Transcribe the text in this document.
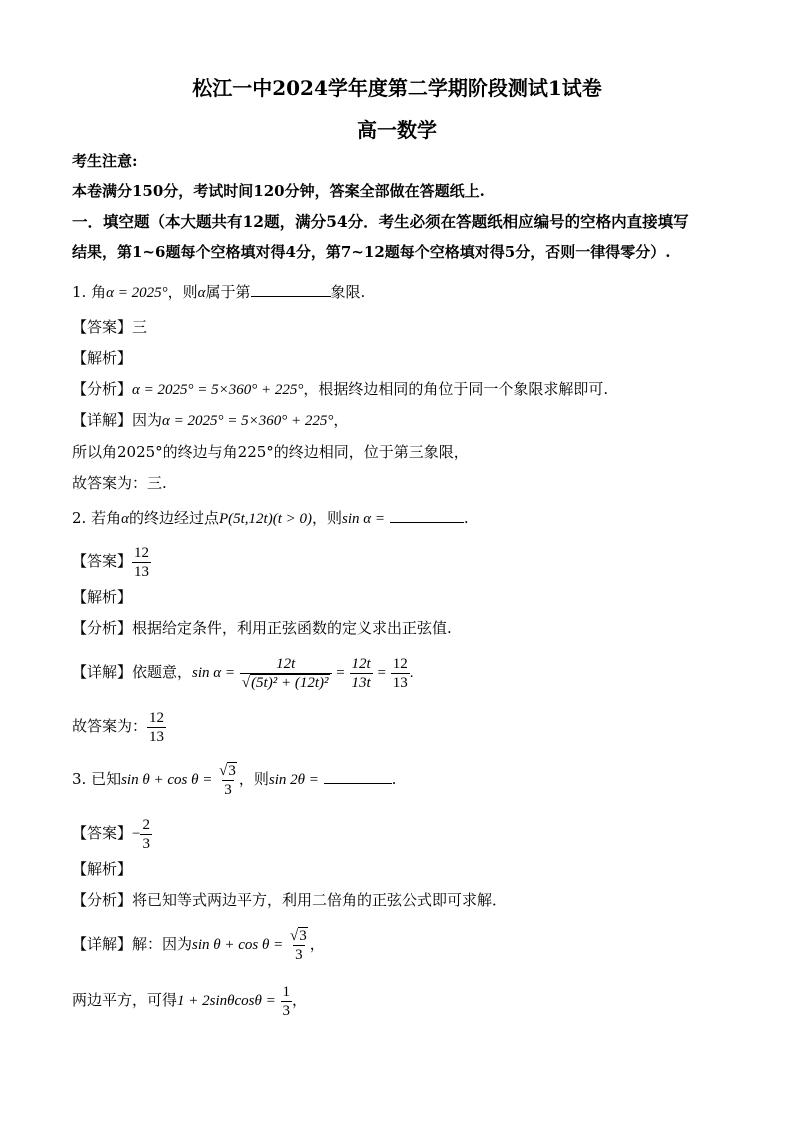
松江一中2024学年度第二学期阶段测试1试卷
高一数学
考生注意:
本卷满分150分，考试时间120分钟，答案全部做在答题纸上.
一．填空题（本大题共有12题，满分54分．考生必须在答题纸相应编号的空格内直接填写
结果，第1~6题每个空格填对得4分，第7~12题每个空格填对得5分，否则一律得零分）.
1. 角α = 2025°，则α属于第	象限.
【答案】三
【解析】
【分析】α = 2025° = 5×360° + 225°，根据终边相同的角位于同一个象限求解即可.
【详解】因为α = 2025° = 5×360° + 225°，
所以角2025°的终边与角225°的终边相同，位于第三象限，
故答案为：三.
2. 若角α的终边经过点P(5t,12t)(t > 0)，则sin α =	.
【答案】 $\frac{12}{13}$
【解析】
【分析】根据给定条件，利用正弦函数的定义求出正弦值.
【详解】依题意，$\sin \alpha = \frac{12t}{\text{√(5t)² + (12t)²}} = \frac{12t}{13t} = \frac{12}{13}$ .
故答案为： $\frac{12}{13}$
3. 已知$\sin \theta + \cos \theta = \frac{√3}{3}$ ，则sin 2θ =	.
【答案】− $\frac{2}{3}$
【解析】
【分析】将已知等式两边平方，利用二倍角的正弦公式即可求解．
【详解】解：因为$\sin \theta + \cos \theta = \frac{√3}{3}$ ，
两边平方，可得$1 + 2\sin\theta\cos\theta = \frac{1}{3}$ ，
